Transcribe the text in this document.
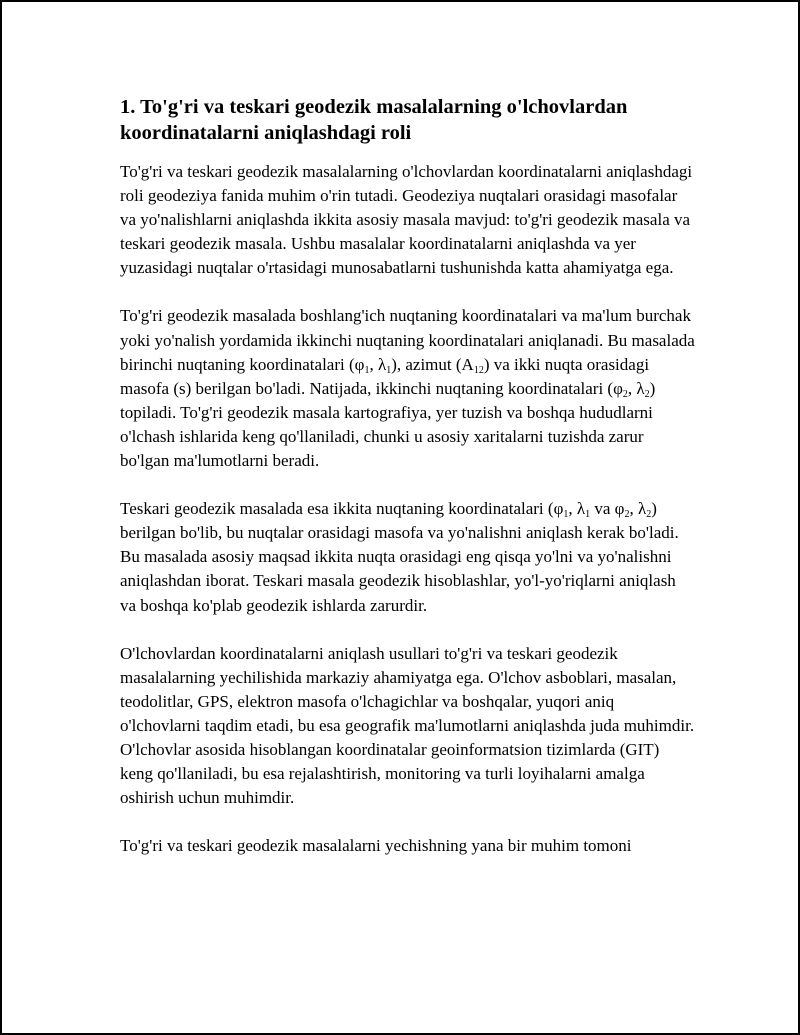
1. To'g'ri va teskari geodezik masalalarning o'lchovlardan koordinatalarni aniqlashdagi roli

To'g'ri va teskari geodezik masalalarning o'lchovlardan koordinatalarni aniqlashdagi roli geodeziya fanida muhim o'rin tutadi. Geodeziya nuqtalari orasidagi masofalar va yo'nalishlarni aniqlashda ikkita asosiy masala mavjud: to'g'ri geodezik masala va teskari geodezik masala. Ushbu masalalar koordinatalarni aniqlashda va yer yuzasidagi nuqtalar o'rtasidagi munosabatlarni tushunishda katta ahamiyatga ega.

To'g'ri geodezik masalada boshlang'ich nuqtaning koordinatalari va ma'lum burchak yoki yo'nalish yordamida ikkinchi nuqtaning koordinatalari aniqlanadi. Bu masalada birinchi nuqtaning koordinatalari ($\varphi_1$, $\lambda_1$), azimut $(A_{12})$ va ikki nuqta orasidagi masofa (s) berilgan bo'ladi. Natijada, ikkinchi nuqtaning koordinatalari ($\varphi_2$, $\lambda_2$) topiladi. To'g'ri geodezik masala kartografiya, yer tuzish va boshqa hududlarni o'lchash ishlarida keng qo'llaniladi, chunki u asosiy xaritalarni tuzishda zarur bo'lgan ma'lumotlarni beradi.

Teskari geodezik masalada esa ikkita nuqtaning koordinatalari ($\varphi_1$, $\lambda_1$ va $\varphi_2$, $\lambda_2$) berilgan bo'lib, bu nuqtalar orasidagi masofa va yo'nalishni aniqlash kerak bo'ladi. Bu masalada asosiy maqsad ikkita nuqta orasidagi eng qisqa yo'lni va yo'nalishni aniqlashdan iborat. Teskari masala geodezik hisoblashlar, yo'l-yo'riqlarni aniqlash va boshqa ko'plab geodezik ishlarda zarurdir.

O'lchovlardan koordinatalarni aniqlash usullari to'g'ri va teskari geodezik masalalarning yechilishida markaziy ahamiyatga ega. O'lchov asboblari, masalan, teodolitlar, GPS, elektron masofa o'lchagichlar va boshqalar, yuqori aniq o'lchovlarni taqdim etadi, bu esa geografik ma'lumotlarni aniqlashda juda muhimdir. O'lchovlar asosida hisoblangan koordinatalar geoinformatsion tizimlarda (GIT) keng qo'llaniladi, bu esa rejalashtirish, monitoring va turli loyihalarni amalga oshirish uchun muhimdir.

To'g'ri va teskari geodezik masalalarni yechishning yana bir muhim tomoni
